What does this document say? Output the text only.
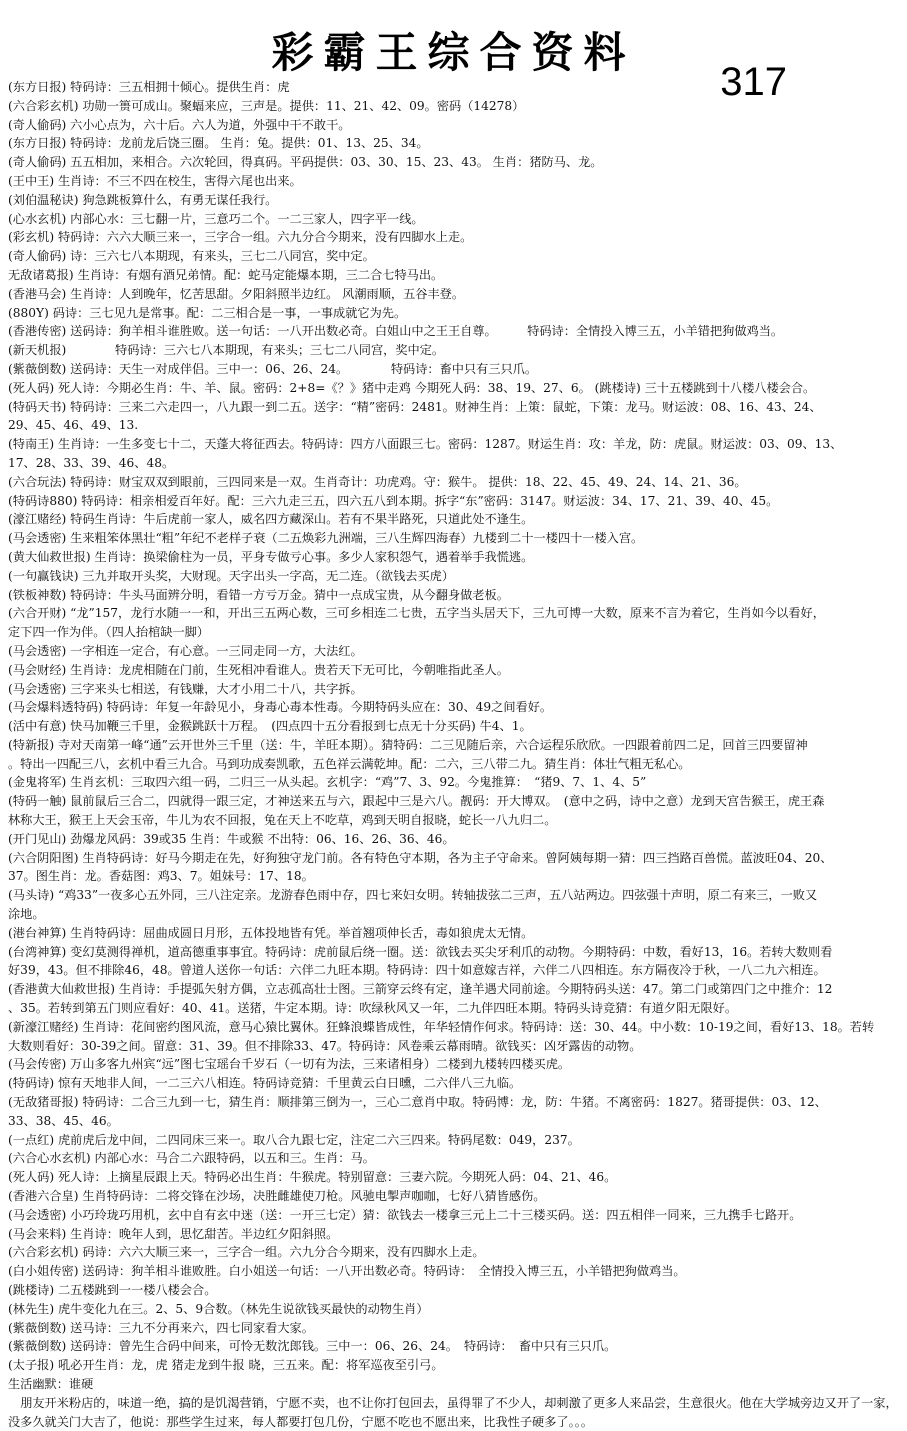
彩霸王综合资料
317
(东方日报) 特码诗：三五相拥十倾心。提供生肖：虎
(六合彩玄机) 功勋一篑可成山。聚蝠来应，三声是。提供：11、21、42、09。密码（14278）
(奇人偷码) 六小心点为，六十后。六人为道，外强中干不敢干。
(东方日报) 特码诗：龙前龙后饶三圈。 生肖：兔。提供：01、13、25、34。
(奇人偷码) 五五相加，来相合。六次轮回，得真码。平码提供：03、30、15、23、43。 生肖：猪防马、龙。
(王中王) 生肖诗：不三不四在校生，害得六尾也出来。
(刘伯温秘诀) 狗急跳板算什么，有勇无谋任我行。
(心水玄机) 内部心水：三七翻一片，三意巧二个。一二三家人，四字平一线。
(彩玄机) 特码诗：六六大顺三来一，三字合一组。六九分合今期来，没有四脚水上走。
(奇人偷码) 诗：三六七八本期现，有来头，三七二八同宫，奖中定。
无敌诸葛报) 生肖诗：有烟有酒兄弟情。配：蛇马定能爆本期，三二合七特马出。
(香港马会) 生肖诗：人到晚年，忆苦思甜。夕阳斜照半边红。 风潮雨顺，五谷丰登。
(880Y) 码诗：三七见九是常事。配：二三相合是一事，一事成就它为先。
(香港传密) 送码诗：狗羊相斗谁胜败。送一句话：一八开出数必奇。白姐山中之王王自尊。　　　特码诗：全情投入博三五，小羊错把狗做鸡当。
(新天机报)　　　　特码诗：三六七八本期现，有来头；三七二八同宫，奖中定。
(紫薇倒数) 送码诗：天生一对成伴侣。三中一：06、26、24。　　　　特码诗：畜中只有三只爪。
(死人码) 死人诗：今期必生肖：牛、羊、鼠。密码：2+8=《？》猪中走鸡 今期死人码：38、19、27、6。 (跳楼诗) 三十五楼跳到十八楼八楼会合。
(特码天书) 特码诗：三来二六走四一，八九跟一到二五。送字：“精”密码：2481。财神生肖：上策：鼠蛇，下策：龙马。财运波：08、16、43、24、
29、45、46、49、13.
(特南王) 生肖诗：一生多变七十二，天蓬大将征西去。特码诗：四方八面跟三七。密码：1287。财运生肖：攻：羊龙，防：虎鼠。财运波：03、09、13、
17、28、33、39、46、48。
(六合玩法) 特码诗：财宝双双到眼前，三四同来是一双。生肖奇计：功虎鸡。守：猴牛。 提供：18、22、45、49、24、14、21、36。
(特码诗880) 特码诗：相亲相爱百年好。配：三六九走三五，四六五八到本期。拆字“东”密码：3147。财运波：34、17、21、39、40、45。
(濠江赌经) 特码生肖诗：牛后虎前一家人，威名四方藏深山。若有不果半路死，只道此处不逢生。
(马会透密) 生来粗笨体黑壮“粗”年纪不老样子衰（二五焕彩九洲端，三八生辉四海春）九楼到二十一楼四十一楼入宫。
(黄大仙救世报) 生肖诗：换梁偷柱为一员，平身专做亏心事。多少人家积怨气，遇着举手我慌逃。
(一句赢钱诀) 三九并取开头奖，大财现。天字出头一字高，无二连。（欲钱去买虎）
(铁板神数) 特码诗：牛头马面辨分明，看错一方亏万金。猜中一点成宝贵，从今翻身做老板。
(六合开财) “龙”157，龙行水随一一和，开出三五两心数，三可乡相连二七贵，五字当头居天下，三九可博一大数，原来不言为着它，生肖如今以看好，
定下四一作为伴。（四人抬棺缺一脚）
(马会透密) 一字相连一定合，有心意。一三同走同一方，大法红。
(马会财经) 生肖诗：龙虎相随在门前，生死相冲看谁人。贵若天下无可比，今朝唯指此圣人。
(马会透密) 三字来头七相送，有钱赚，大才小用二十八，共字拆。
(马会爆料透特码) 特码诗：年复一年龄见小，身毒心毒本性毒。今期特码头应在：30、49之间看好。
(活中有意) 快马加鞭三千里，金猴跳跃十万程。　(四点四十五分看报到七点无十分买码) 牛4、1。
(特新报) 寺对天南第一峰“通”云开世外三千里（送：牛，羊旺本期）。猜特码：二三见随后亲，六合运程乐欣欣。一四跟着前四二足，回首三四要留神
。特出一四配三八，玄机中看三九合。马到功成奏凯歌，五色祥云满乾坤。配：二六，三八带二九。猜生肖：体壮气粗无私心。
(金鬼将军) 生肖玄机：三取四六组一码，二归三一从头起。玄机字：“鸡”7、3、92。今鬼推算：　“猪9、7、1、4、5”
(特码一触) 鼠前鼠后三合二，四就得一跟三定，才神送来五与六，跟起中三是六八。靓码：开大博双。　(意中之码，诗中之意）龙到天宫告猴王，虎王森
林称大王，猴王上天会玉帝，牛儿为农不回报，兔在天上不吃草，鸡到天明自报晓，蛇长一八九归二。
(开门见山) 劲爆龙风码：39或35 生肖：牛或猴 不出特：06、16、26、36、46。
(六合阴阳图) 生肖特码诗：好马今期走在先，好狗独守龙门前。各有特色守本期，各为主子守命来。曾阿姨每期一猜：四三挡路百兽慌。蓝波旺04、20、
37。图生肖：龙。香菇图：鸡3、7。姐妹号：17、18。
(马头诗) “鸡33”一夜多心五外同，三八注定亲。龙游春色雨中存，四七来妇女明。转轴拔弦二三声，五八站两边。四弦强十声明，原二有来三，一败又
涂地。
(港台神算) 生肖特码诗：屈曲成圆日月形，五体投地皆有凭。举首翘项伸长舌，毒如狼虎太无情。
(台湾神算) 变幻莫测得禅机，道高德重事事宜。特码诗：虎前鼠后绕一圈。送：欲钱去买尖牙利爪的动物。今期特码：中数，看好13，16。若转大数则看
好39，43。但不排除46，48。曾道人送你一句话：六伴二九旺本期。特码诗：四十如意嫁吉祥，六伴二八四相连。东方隔夜冷于秋，一八二九六相连。
(香港黄大仙救世报) 生肖诗：手提弧矢射方偶，立志孤高壮士图。三箭穿云终有定，逢羊遇犬同前途。今期特码头送：47。第二门或第四门之中推介：12
、35。若转到第五门则应看好：40、41。送猪，牛定本期。诗：吹绿秋风又一年，二九伴四旺本期。特码头诗竞猜：有道夕阳无限好。
(新濠江赌经) 生肖诗：花间密约图风流，意马心猿比翼休。狂蜂浪蝶皆成性，年华轻情作何求。特码诗：送：30、44。中小数：10-19之间，看好13、18。若转
大数则看好：30-39之间。留意：31、39。但不排除33、47。特码诗：风卷乘云幕雨晴。欲钱买：凶牙露齿的动物。
(马会传密) 万山多客九州宾“远”图七宝瑶台千岁石（一切有为法，三来诸相身）二楼到九楼转四楼买虎。
(特码诗) 惊有天地非人间，一二三六八相连。特码诗竞猜：千里黄云白日曛，二六伴八三九临。
(无敌猪哥报) 特码诗：二合三九到一七，猜生肖：顺排第三倒为一，三心二意肖中取。特码博：龙，防：牛猪。不离密码：1827。猪哥提供：03、12、
33、38、45、46。
(一点红) 虎前虎后龙中间，二四同床三来一。取八合九跟七定，注定二六三四来。特码尾数：049，237。
(六合心水玄机) 内部心水：马合二六跟特码，以五和三。生肖：马。
(死人码) 死人诗：上摘星辰跟上天。特码必出生肖：牛猴虎。特别留意：三妻六院。今期死人码：04、21、46。
(香港六合皇) 生肖特码诗：二将交锋在沙场，决胜雌雄使刀枪。风驰电掣声咖咖，七好八猜皆感伤。
(马会透密) 小巧玲珑巧用机，玄中自有玄中迷（送：一开三七定）猜：欲钱去一楼拿三元上二十三楼买码。送：四五相伴一同来，三九携手七路开。
(马会来料) 生肖诗：晚年人到，思忆甜苦。半边红夕阳斜照。
(六合彩玄机) 码诗：六六大顺三来一，三字合一组。六九分合今期来，没有四脚水上走。
(白小姐传密) 送码诗：狗羊相斗谁败胜。白小姐送一句话：一八开出数必奇。特码诗：　全情投入博三五，小羊错把狗做鸡当。
(跳楼诗) 二五楼跳到一一楼八楼会合。
(林先生) 虎牛变化九在三。2、5、9合数。（林先生说欲钱买最快的动物生肖）
(紫薇倒数) 送马诗：三九不分再来六，四七同家看大家。
(紫薇倒数) 送码诗：曾先生合码中间来，可怜无数沈郎钱。三中一：06、26、24。　特码诗：　畜中只有三只爪。
(太子报) 吼必开生肖：龙，虎 猪走龙到牛报 晓，三五来。配：将军巡夜至引弓。
生活幽默：谁硬
朋友开米粉店的，味道一绝，搞的是饥渴营销，宁愿不卖，也不让你打包回去，虽得罪了不少人，却刺激了更多人来品尝，生意很火。他在大学城旁边又开了一家，没多久就关门大吉了，他说：那些学生过来，每人都要打包几份，宁愿不吃也不愿出来，比我性子硬多了。。。
